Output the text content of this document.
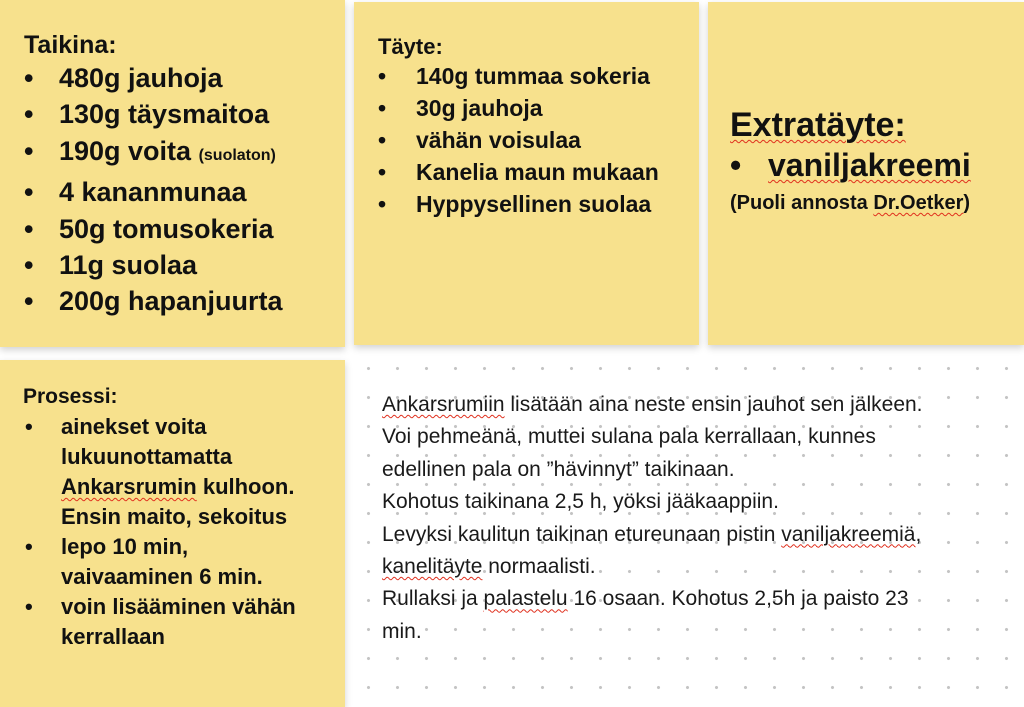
Taikina:
• 480g jauhoja
• 130g täysmaitoa
• 190g voita (suolaton)
• 4 kananmunaa
• 50g tomusokeria
• 11g suolaa
• 200g hapanjuurta
Täyte:
• 140g tummaa sokeria
• 30g jauhoja
• vähän voisulaa
• Kanelia maun mukaan
• Hyppysellinen suolaa
Extratäyte:
• vaniljakreemi
(Puoli annosta Dr.Oetker)
Prosessi:
• ainekset voita lukuunottamatta Ankarsrumin kulhoon. Ensin maito, sekoitus
• lepo 10 min, vaivaaminen 6 min.
• voin lisääminen vähän kerrallaan

Ankarsrumiin lisätään aina neste ensin jauhot sen jälkeen. Voi pehmeänä, muttei sulana pala kerrallaan, kunnes edellinen pala on ”hävinnyt” taikinaan.

Kohotus taikinana 2,5 h, yöksi jääkaappiin.

Levyksi kaulitun taikinan etureunaan pistin vaniljakreemiä, kanelitäyte normaalisti.

Rullaksi ja palastelu 16 osaan. Kohotus 2,5h ja paisto 23 min.
